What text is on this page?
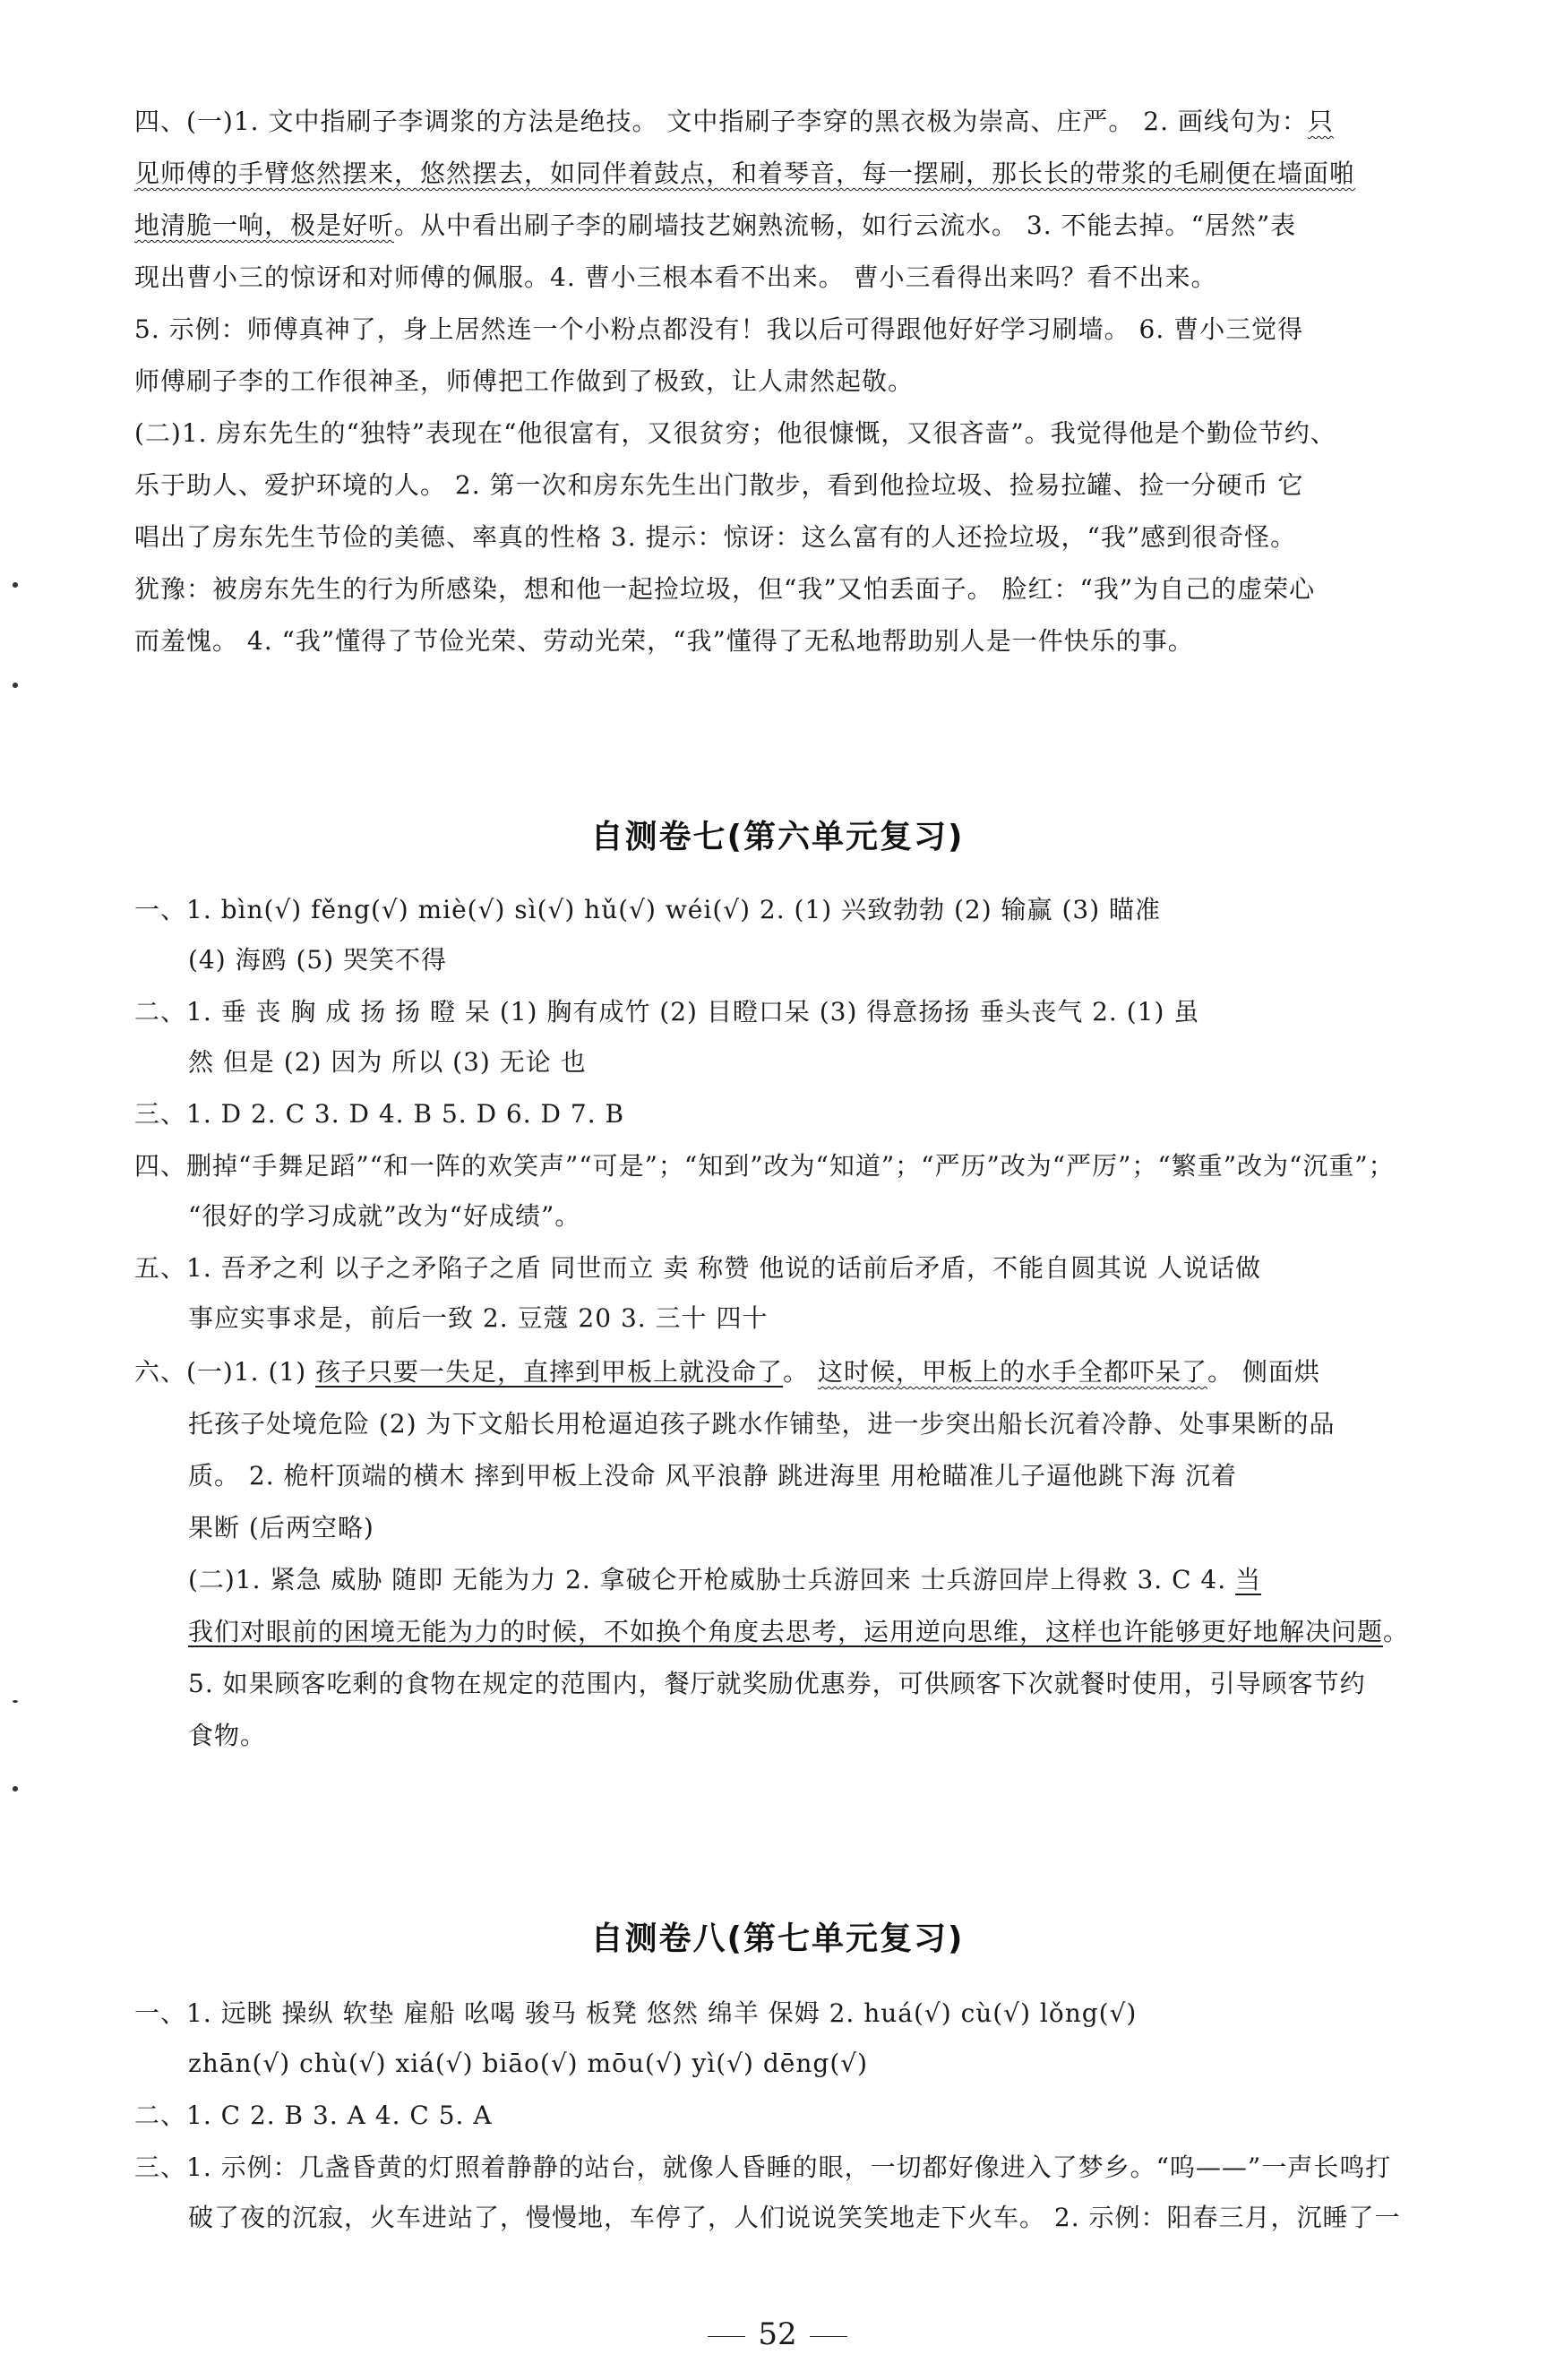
四、(一)1. 文中指刷子李调浆的方法是绝技。 文中指刷子李穿的黑衣极为崇高、庄严。 2. 画线句为：只
见师傅的手臂悠然摆来，悠然摆去，如同伴着鼓点，和着琴音，每一摆刷，那长长的带浆的毛刷便在墙面啪
地清脆一响，极是好听。从中看出刷子李的刷墙技艺娴熟流畅，如行云流水。 3. 不能去掉。“居然”表
现出曹小三的惊讶和对师傅的佩服。4. 曹小三根本看不出来。 曹小三看得出来吗？看不出来。
5. 示例：师傅真神了，身上居然连一个小粉点都没有！我以后可得跟他好好学习刷墙。 6. 曹小三觉得
师傅刷子李的工作很神圣，师傅把工作做到了极致，让人肃然起敬。
(二)1. 房东先生的“独特”表现在“他很富有，又很贫穷；他很慷慨，又很吝啬”。我觉得他是个勤俭节约、
乐于助人、爱护环境的人。 2. 第一次和房东先生出门散步，看到他捡垃圾、捡易拉罐、捡一分硬币 它
唱出了房东先生节俭的美德、率真的性格 3. 提示：惊讶：这么富有的人还捡垃圾，“我”感到很奇怪。
犹豫：被房东先生的行为所感染，想和他一起捡垃圾，但“我”又怕丢面子。 脸红：“我”为自己的虚荣心
而羞愧。 4. “我”懂得了节俭光荣、劳动光荣，“我”懂得了无私地帮助别人是一件快乐的事。
自测卷七(第六单元复习)
一、1. bìn(√) fěng(√) miè(√) sì(√) hǔ(√) wéi(√) 2. (1) 兴致勃勃 (2) 输赢 (3) 瞄准
(4) 海鸥 (5) 哭笑不得
二、1. 垂 丧 胸 成 扬 扬 瞪 呆 (1) 胸有成竹 (2) 目瞪口呆 (3) 得意扬扬 垂头丧气 2. (1) 虽
然 但是 (2) 因为 所以 (3) 无论 也
三、1. D 2. C 3. D 4. B 5. D 6. D 7. B
四、删掉“手舞足蹈”“和一阵的欢笑声”“可是”；“知到”改为“知道”；“严历”改为“严厉”；“繁重”改为“沉重”；
“很好的学习成就”改为“好成绩”。
五、1. 吾矛之利 以子之矛陷子之盾 同世而立 卖 称赞 他说的话前后矛盾，不能自圆其说 人说话做
事应实事求是，前后一致 2. 豆蔻 20 3. 三十 四十
六、(一)1. (1) 孩子只要一失足，直摔到甲板上就没命了。 这时候，甲板上的水手全都吓呆了。 侧面烘
托孩子处境危险 (2) 为下文船长用枪逼迫孩子跳水作铺垫，进一步突出船长沉着冷静、处事果断的品
质。 2. 桅杆顶端的横木 摔到甲板上没命 风平浪静 跳进海里 用枪瞄准儿子逼他跳下海 沉着
果断 (后两空略)
(二)1. 紧急 威胁 随即 无能为力 2. 拿破仑开枪威胁士兵游回来 士兵游回岸上得救 3. C 4. 当
我们对眼前的困境无能为力的时候，不如换个角度去思考，运用逆向思维，这样也许能够更好地解决问题。
5. 如果顾客吃剩的食物在规定的范围内，餐厅就奖励优惠券，可供顾客下次就餐时使用，引导顾客节约
食物。
自测卷八(第七单元复习)
一、1. 远眺 操纵 软垫 雇船 吆喝 骏马 板凳 悠然 绵羊 保姆 2. huá(√) cù(√) lǒng(√)
zhān(√) chù(√) xiá(√) biāo(√) mōu(√) yì(√) dēng(√)
二、1. C 2. B 3. A 4. C 5. A
三、1. 示例：几盏昏黄的灯照着静静的站台，就像人昏睡的眼，一切都好像进入了梦乡。“呜——”一声长鸣打
破了夜的沉寂，火车进站了，慢慢地，车停了，人们说说笑笑地走下火车。 2. 示例：阳春三月，沉睡了一
52
